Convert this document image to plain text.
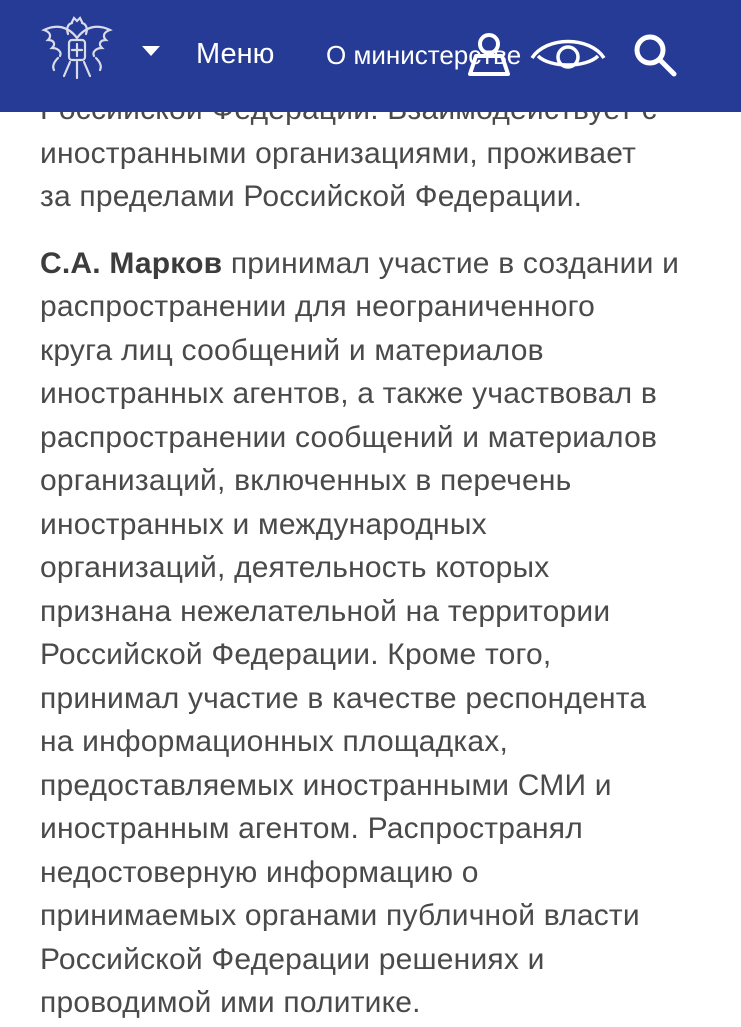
Меню О министерстве

иностранными организациями, проживает
за пределами Российской Федерации.

С.А. Марков принимал участие в создании и
распространении для неограниченного
круга лиц сообщений и материалов
иностранных агентов, а также участвовал в
распространении сообщений и материалов
организаций, включенных в перечень
иностранных и международных
организаций, деятельность которых
признана нежелательной на территории
Российской Федерации. Кроме того,
принимал участие в качестве респондента
на информационных площадках,
предоставляемых иностранными СМИ и
иностранным агентом. Распространял
недостоверную информацию о
принимаемых органами публичной власти
Российской Федерации решениях и
проводимой ими политике.
